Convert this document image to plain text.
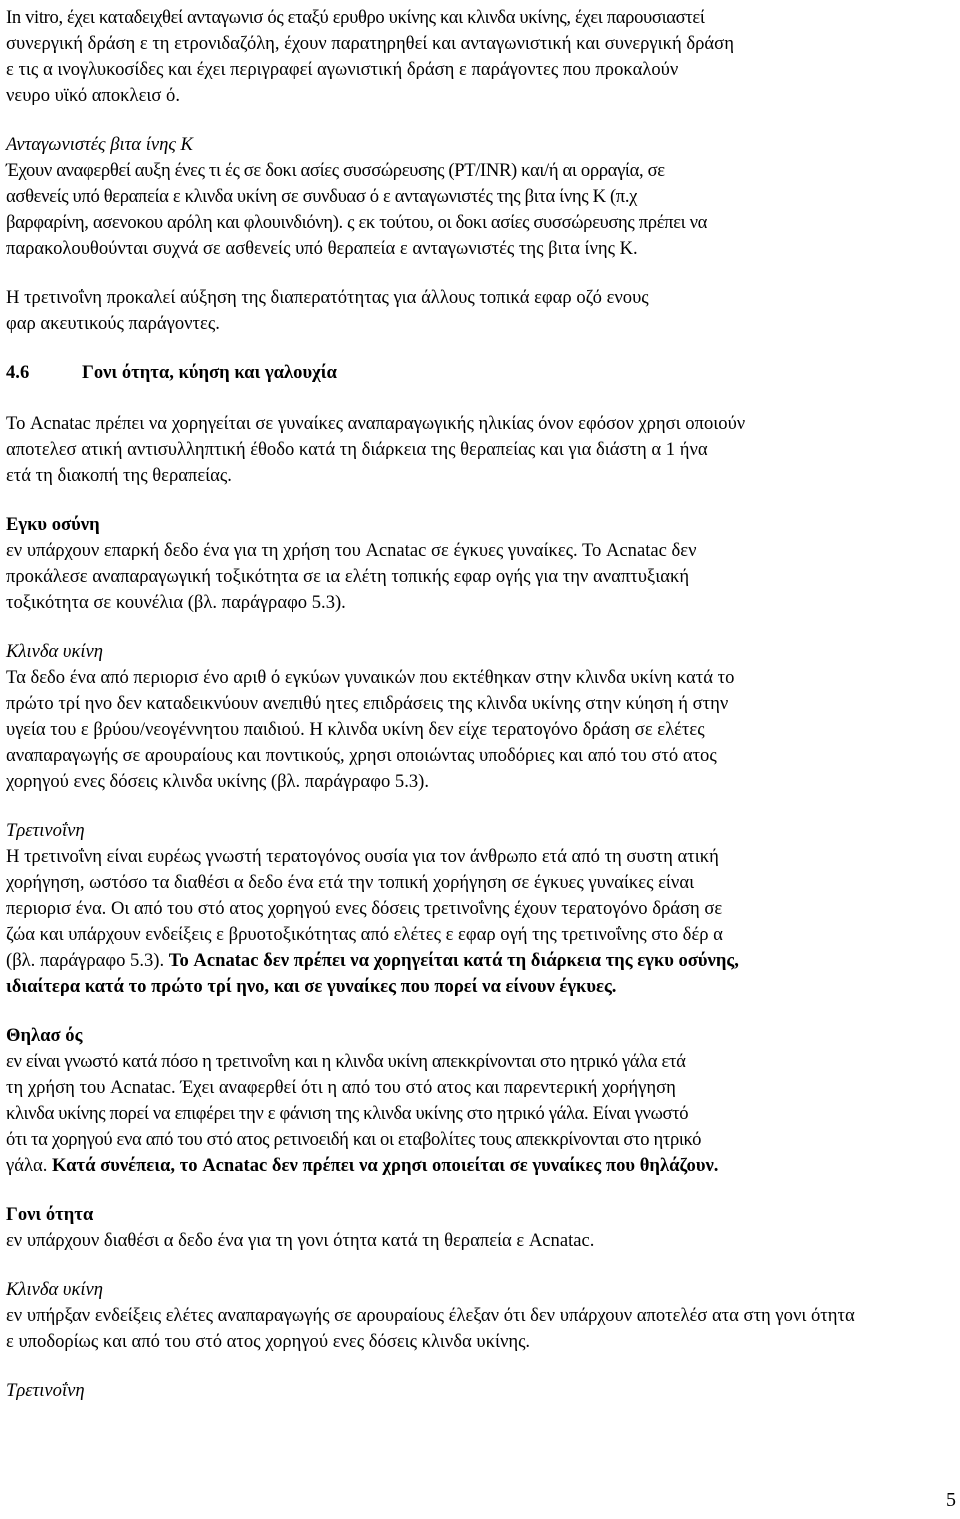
In vitro, έχει καταδειχθεί ανταγωνισ ός εταξύ ερυθρο υκίνης και κλινδα υκίνης, έχει παρουσιαστεί
συνεργική δράση ε τη ετρονιδαζόλη, έχουν παρατηρηθεί και ανταγωνιστική και συνεργική δράση
ε τις α ινογλυκοσίδες και έχει περιγραφεί αγωνιστική δράση ε παράγοντες που προκαλούν
νευρο υϊκό αποκλεισ ό.
Ανταγωνιστές βιτα ίνης Κ
Έχουν αναφερθεί αυξη ένες τι ές σε δοκι ασίες συσσώρευσης (PT/INR) και/ή αι ορραγία, σε
ασθενείς υπό θεραπεία ε κλινδα υκίνη σε συνδυασ ό ε ανταγωνιστές της βιτα ίνης Κ (π.χ
βαρφαρίνη, ασενοκου αρόλη και φλουινδιόνη). ς εκ τούτου, οι δοκι ασίες συσσώρευσης πρέπει να
παρακολουθούνται συχνά σε ασθενείς υπό θεραπεία ε ανταγωνιστές της βιτα ίνης Κ.
Η τρετινοΐνη προκαλεί αύξηση της διαπερατότητας για άλλους τοπικά εφαρ οζό ενους
φαρ ακευτικούς παράγοντες.
4.6	Γονι ότητα, κύηση και γαλουχία
Το Acnatac πρέπει να χορηγείται σε γυναίκες αναπαραγωγικής ηλικίας όνον εφόσον χρησι οποιούν
αποτελεσ ατική αντισυλληπτική έθοδο κατά τη διάρκεια της θεραπείας και για διάστη α 1 ήνα
ετά τη διακοπή της θεραπείας.
Εγκυ οσύνη
εν υπάρχουν επαρκή δεδο ένα για τη χρήση του Acnatac σε έγκυες γυναίκες. Το Acnatac δεν
προκάλεσε αναπαραγωγική τοξικότητα σε ια ελέτη τοπικής εφαρ ογής για την αναπτυξιακή
τοξικότητα σε κουνέλια (βλ. παράγραφο 5.3).
Κλινδα υκίνη
Τα δεδο ένα από περιορισ ένο αριθ ό εγκύων γυναικών που εκτέθηκαν στην κλινδα υκίνη κατά το
πρώτο τρί ηνο δεν καταδεικνύουν ανεπιθύ ητες επιδράσεις της κλινδα υκίνης στην κύηση ή στην
υγεία του ε βρύου/νεογέννητου παιδιού. Η κλινδα υκίνη δεν είχε τερατογόνο δράση σε ελέτες
αναπαραγωγής σε αρουραίους και ποντικούς, χρησι οποιώντας υποδόριες και από του στό ατος
χορηγού ενες δόσεις κλινδα υκίνης (βλ. παράγραφο 5.3).
Τρετινοΐνη
Η τρετινοΐνη είναι ευρέως γνωστή τερατογόνος ουσία για τον άνθρωπο ετά από τη συστη ατική
χορήγηση, ωστόσο τα διαθέσι α δεδο ένα ετά την τοπική χορήγηση σε έγκυες γυναίκες είναι
περιορισ ένα. Οι από του στό ατος χορηγού ενες δόσεις τρετινοΐνης έχουν τερατογόνο δράση σε
ζώα και υπάρχουν ενδείξεις ε βρυοτοξικότητας από ελέτες ε εφαρ ογή της τρετινοΐνης στο δέρ α
(βλ. παράγραφο 5.3). Το Acnatac δεν πρέπει να χορηγείται κατά τη διάρκεια της εγκυ οσύνης,
ιδιαίτερα κατά το πρώτο τρί ηνο, και σε γυναίκες που πορεί να είνουν έγκυες.
Θηλασ ός
εν είναι γνωστό κατά πόσο η τρετινοΐνη και η κλινδα υκίνη απεκκρίνονται στο ητρικό γάλα ετά
τη χρήση του Acnatac. Έχει αναφερθεί ότι η από του στό ατος και παρεντερική χορήγηση
κλινδα υκίνης πορεί να επιφέρει την ε φάνιση της κλινδα υκίνης στο ητρικό γάλα. Είναι γνωστό
ότι τα χορηγού ενα από του στό ατος ρετινοειδή και οι εταβολίτες τους απεκκρίνονται στο ητρικό
γάλα. Κατά συνέπεια, το Acnatac δεν πρέπει να χρησι οποιείται σε γυναίκες που θηλάζουν.
Γονι ότητα
εν υπάρχουν διαθέσι α δεδο ένα για τη γονι ότητα κατά τη θεραπεία ε Acnatac.
Κλινδα υκίνη
εν υπήρξαν ενδείξεις ελέτες αναπαραγωγής σε αρουραίους έλεξαν ότι δεν υπάρχουν αποτελέσ ατα στη γονι ότητα
ε υποδορίως και από του στό ατος χορηγού ενες δόσεις κλινδα υκίνης.
Τρετινοΐνη
5
